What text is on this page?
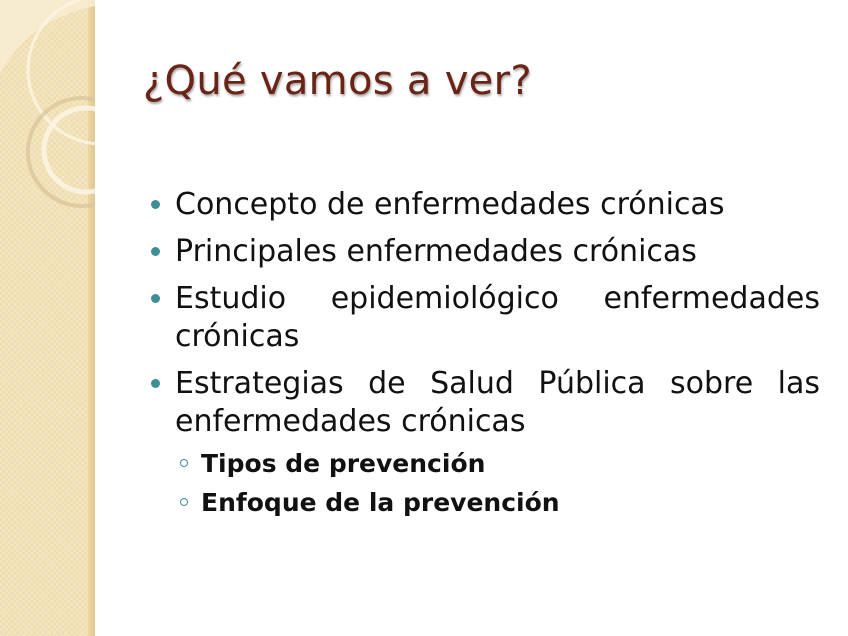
¿Qué vamos a ver?
Concepto de enfermedades crónicas
Principales enfermedades crónicas
Estudio epidemiológico enfermedades crónicas
Estrategias de Salud Pública sobre las enfermedades crónicas
Tipos de prevención
Enfoque de la prevención
